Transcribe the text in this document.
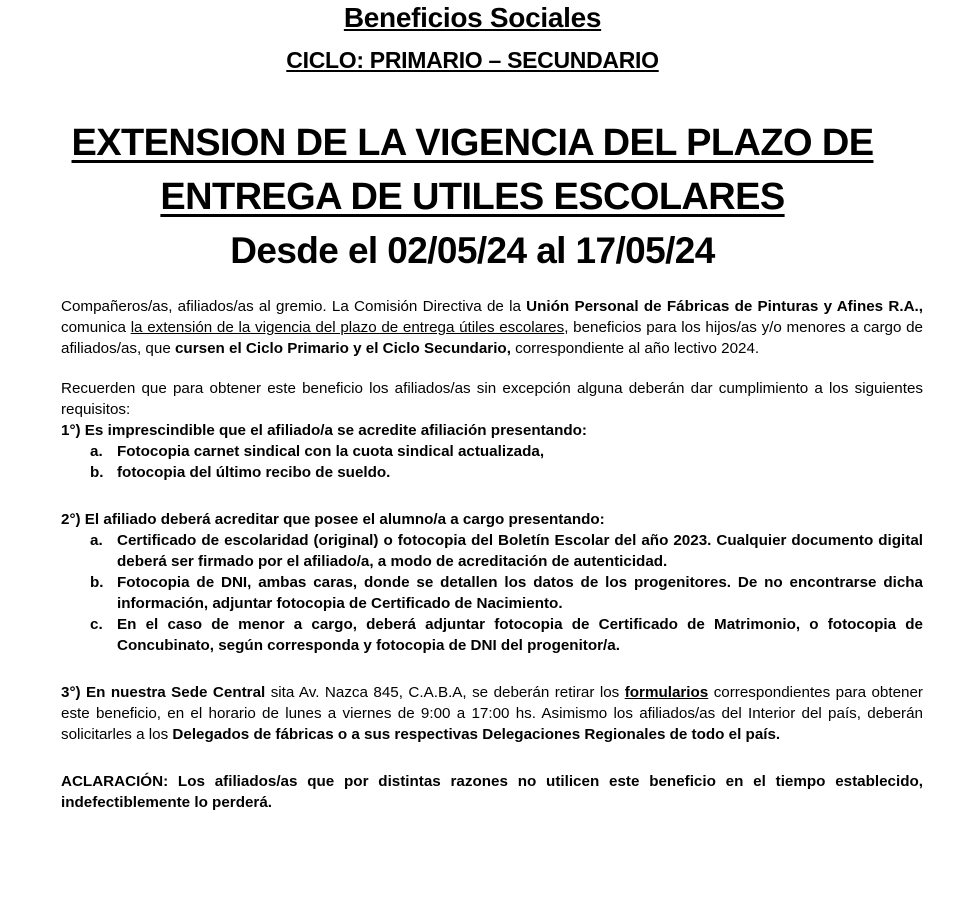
Beneficios Sociales
CICLO: PRIMARIO – SECUNDARIO
EXTENSION DE LA VIGENCIA DEL PLAZO DE
ENTREGA DE UTILES ESCOLARES
Desde el 02/05/24 al 17/05/24

Compañeros/as, afiliados/as al gremio. La Comisión Directiva de la Unión Personal de Fábricas de Pinturas y Afines R.A., comunica la extensión de la vigencia del plazo de entrega útiles escolares, beneficios para los hijos/as y/o menores a cargo de afiliados/as, que cursen el Ciclo Primario y el Ciclo Secundario, correspondiente al año lectivo 2024.

Recuerden que para obtener este beneficio los afiliados/as sin excepción alguna deberán dar cumplimiento a los siguientes requisitos:

1°) Es imprescindible que el afiliado/a se acredite afiliación presentando:
a. Fotocopia carnet sindical con la cuota sindical actualizada,
b. fotocopia del último recibo de sueldo.
2°) El afiliado deberá acreditar que posee el alumno/a a cargo presentando:
a. Certificado de escolaridad (original) o fotocopia del Boletín Escolar del año 2023. Cualquier documento digital deberá ser firmado por el afiliado/a, a modo de acreditación de autenticidad.
b. Fotocopia de DNI, ambas caras, donde se detallen los datos de los progenitores. De no encontrarse dicha información, adjuntar fotocopia de Certificado de Nacimiento.
c. En el caso de menor a cargo, deberá adjuntar fotocopia de Certificado de Matrimonio, o fotocopia de Concubinato, según corresponda y fotocopia de DNI del progenitor/a.

3°) En nuestra Sede Central sita Av. Nazca 845, C.A.B.A, se deberán retirar los formularios correspondientes para obtener este beneficio, en el horario de lunes a viernes de 9:00 a 17:00 hs. Asimismo los afiliados/as del Interior del país, deberán solicitarles a los Delegados de fábricas o a sus respectivas Delegaciones Regionales de todo el país.

ACLARACIÓN: Los afiliados/as que por distintas razones no utilicen este beneficio en el tiempo establecido, indefectiblemente lo perderá.
